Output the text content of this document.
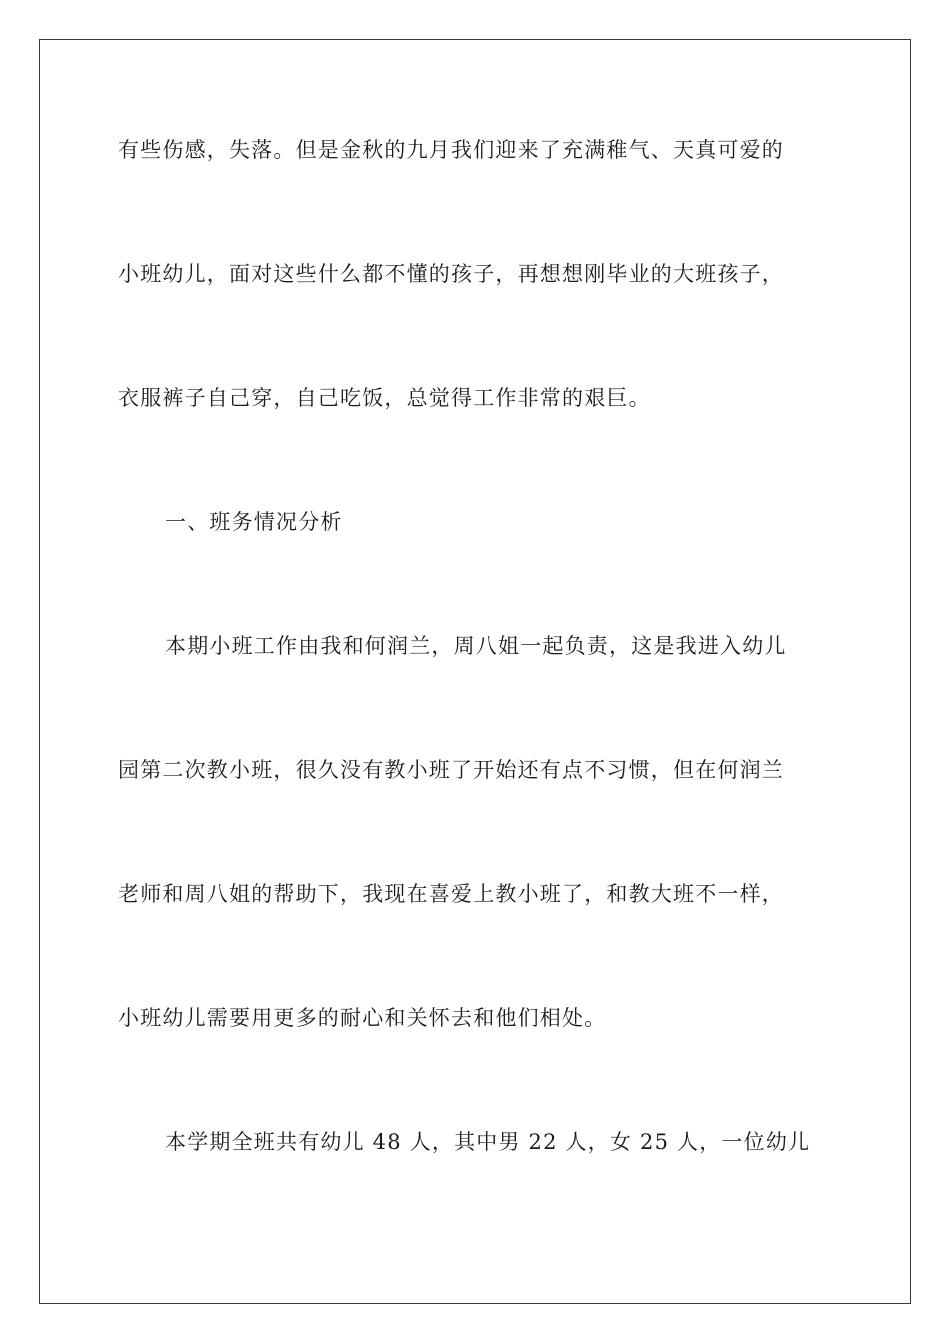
有些伤感，失落。但是金秋的九月我们迎来了充满稚气、天真可爱的
小班幼儿，面对这些什么都不懂的孩子，再想想刚毕业的大班孩子，
衣服裤子自己穿，自己吃饭，总觉得工作非常的艰巨。
一、班务情况分析
本期小班工作由我和何润兰，周八姐一起负责，这是我进入幼儿
园第二次教小班，很久没有教小班了开始还有点不习惯，但在何润兰
老师和周八姐的帮助下，我现在喜爱上教小班了，和教大班不一样，
小班幼儿需要用更多的耐心和关怀去和他们相处。
本学期全班共有幼儿 48 人，其中男 22 人，女 25 人，一位幼儿
